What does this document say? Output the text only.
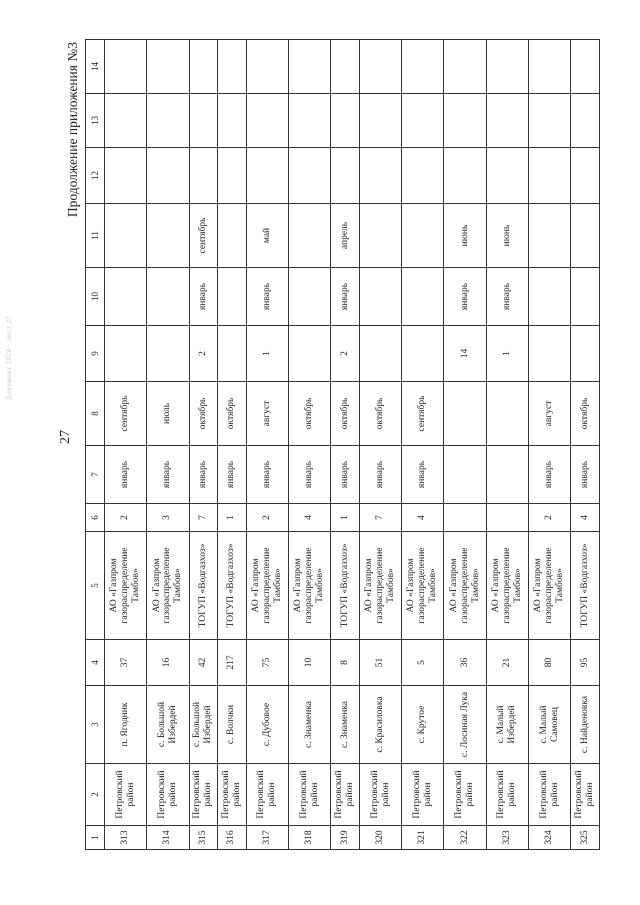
Документ 2024 · лист 27
27
Продолжение приложения №3
1	2	3	4	5	6	7	8	9	10	11	12	13	14
313	Петровский район	п. Ягодник	37	АО «Газпром газораспределение Тамбов»	2	январь	сентябрь						
314	Петровский район	с. Большой Избердей	16	АО «Газпром газораспределение Тамбов»	3	январь	июль						
315	Петровский район	с. Большой Избердей	42	ТОГУП «Водгазхоз»	7	январь	октябрь	2	январь	сентябрь			
316	Петровский район	с. Волчки	217	ТОГУП «Водгазхоз»	1	январь	октябрь						
317	Петровский район	с. Дубовое	75	АО «Газпром газораспределение Тамбов»	2	январь	август	1	январь	май			
318	Петровский район	с. Знаменка	10	АО «Газпром газораспределение Тамбов»	4	январь	октябрь						
319	Петровский район	с. Знаменка	8	ТОГУП «Водгазхоз»	1	январь	октябрь	2	январь	апрель			
320	Петровский район	с. Красиловка	51	АО «Газпром газораспределение Тамбов»	7	январь	октябрь						
321	Петровский район	с. Крутое	5	АО «Газпром газораспределение Тамбов»	4	январь	сентябрь						
322	Петровский район	с. Лосиная Лука	36	АО «Газпром газораспределение Тамбов»				14	январь	июнь			
323	Петровский район	с. Малый Избердей	21	АО «Газпром газораспределение Тамбов»				1	январь	июнь			
324	Петровский район	с. Малый Самовец	80	АО «Газпром газораспределение Тамбов»	2	январь	август						
325	Петровский район	с. Найденовка	95	ТОГУП «Водгазхоз»	4	январь	октябрь						
